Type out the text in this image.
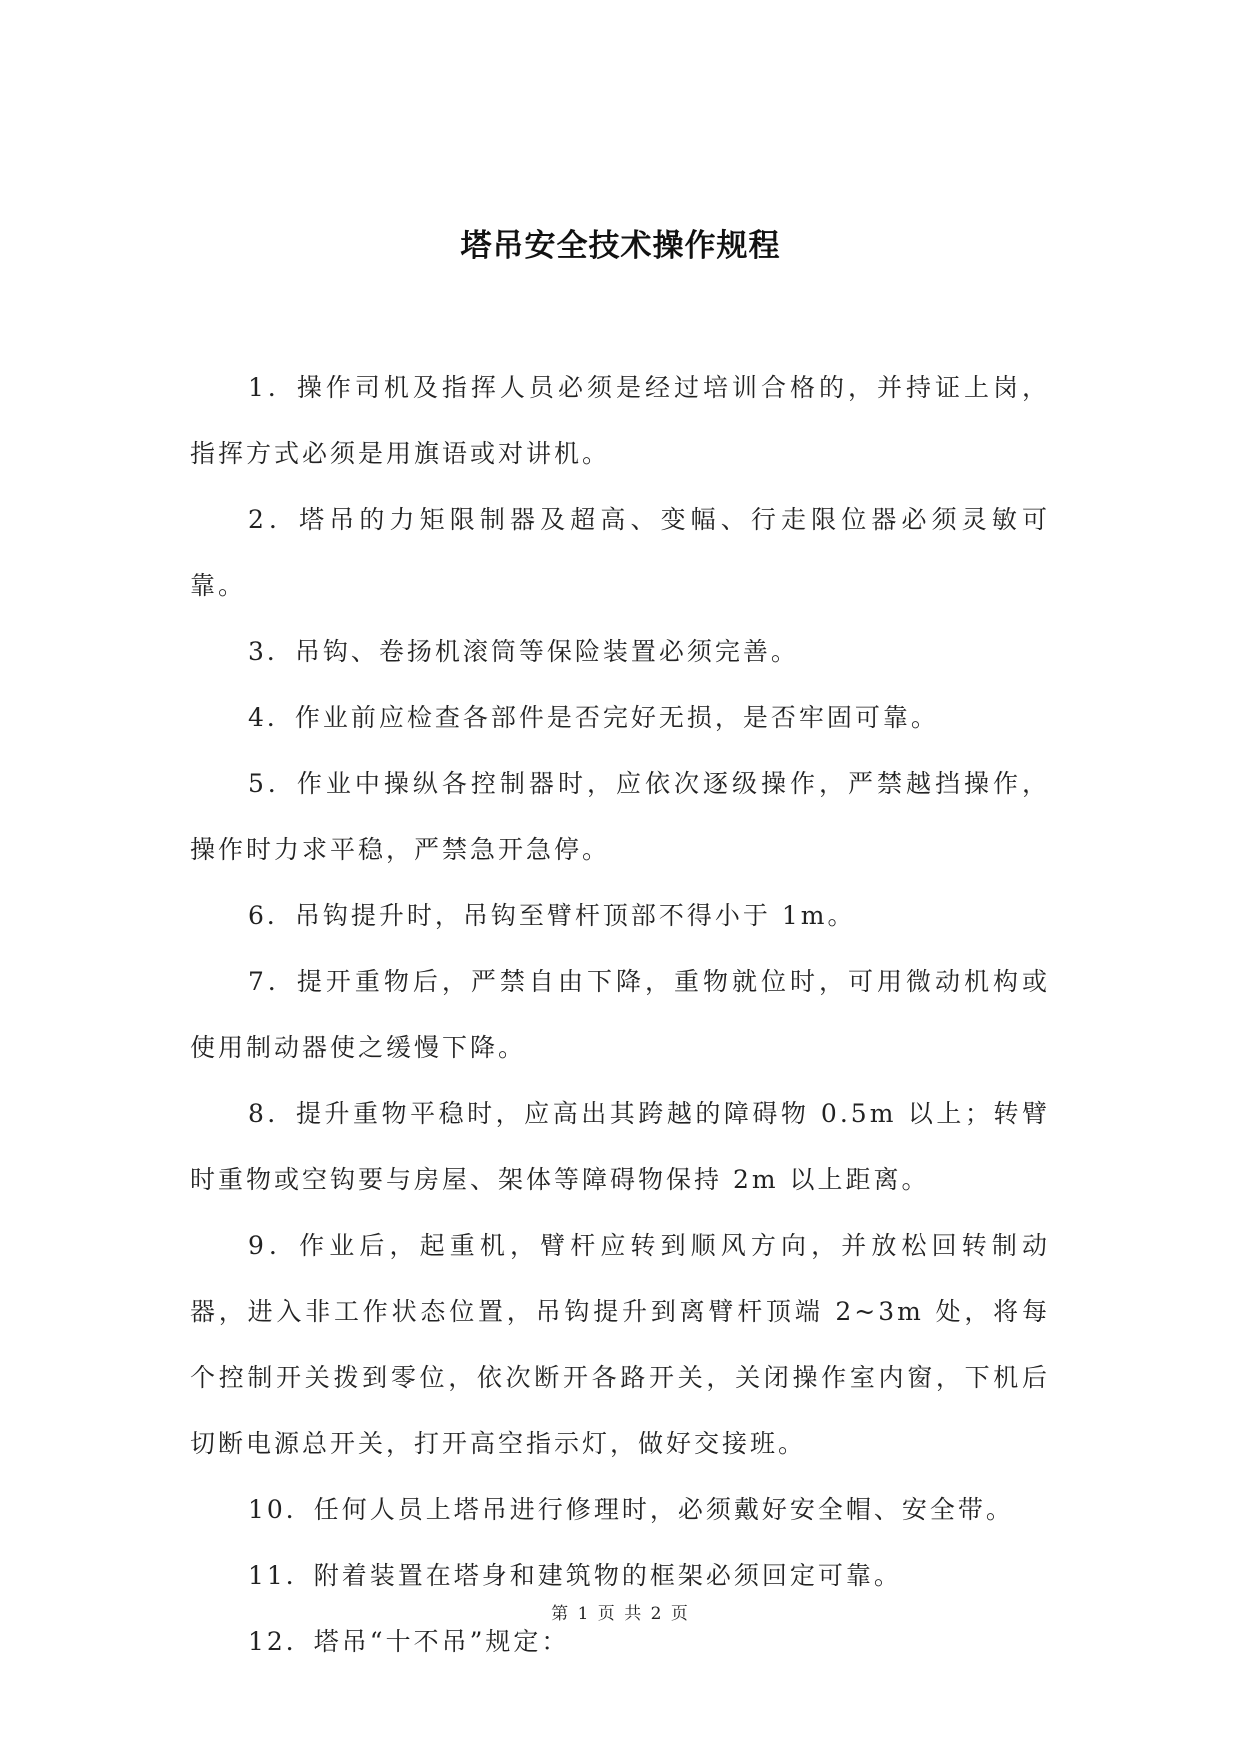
塔吊安全技术操作规程

1．操作司机及指挥人员必须是经过培训合格的，并持证上岗，指挥方式必须是用旗语或对讲机。

2．塔吊的力矩限制器及超高、变幅、行走限位器必须灵敏可靠。

3．吊钩、卷扬机滚筒等保险装置必须完善。

4．作业前应检查各部件是否完好无损，是否牢固可靠。

5．作业中操纵各控制器时，应依次逐级操作，严禁越挡操作，操作时力求平稳，严禁急开急停。

6．吊钩提升时，吊钩至臂杆顶部不得小于 1m。

7．提开重物后，严禁自由下降，重物就位时，可用微动机构或使用制动器使之缓慢下降。

8．提升重物平稳时，应高出其跨越的障碍物 0.5m 以上；转臂时重物或空钩要与房屋、架体等障碍物保持 2m 以上距离。

9．作业后，起重机，臂杆应转到顺风方向，并放松回转制动器，进入非工作状态位置，吊钩提升到离臂杆顶端 2~3m 处，将每个控制开关拨到零位，依次断开各路开关，关闭操作室内窗，下机后切断电源总开关，打开高空指示灯，做好交接班。

10．任何人员上塔吊进行修理时，必须戴好安全帽、安全带。

11．附着装置在塔身和建筑物的框架必须回定可靠。

12．塔吊“十不吊”规定：

第 1 页 共 2 页
